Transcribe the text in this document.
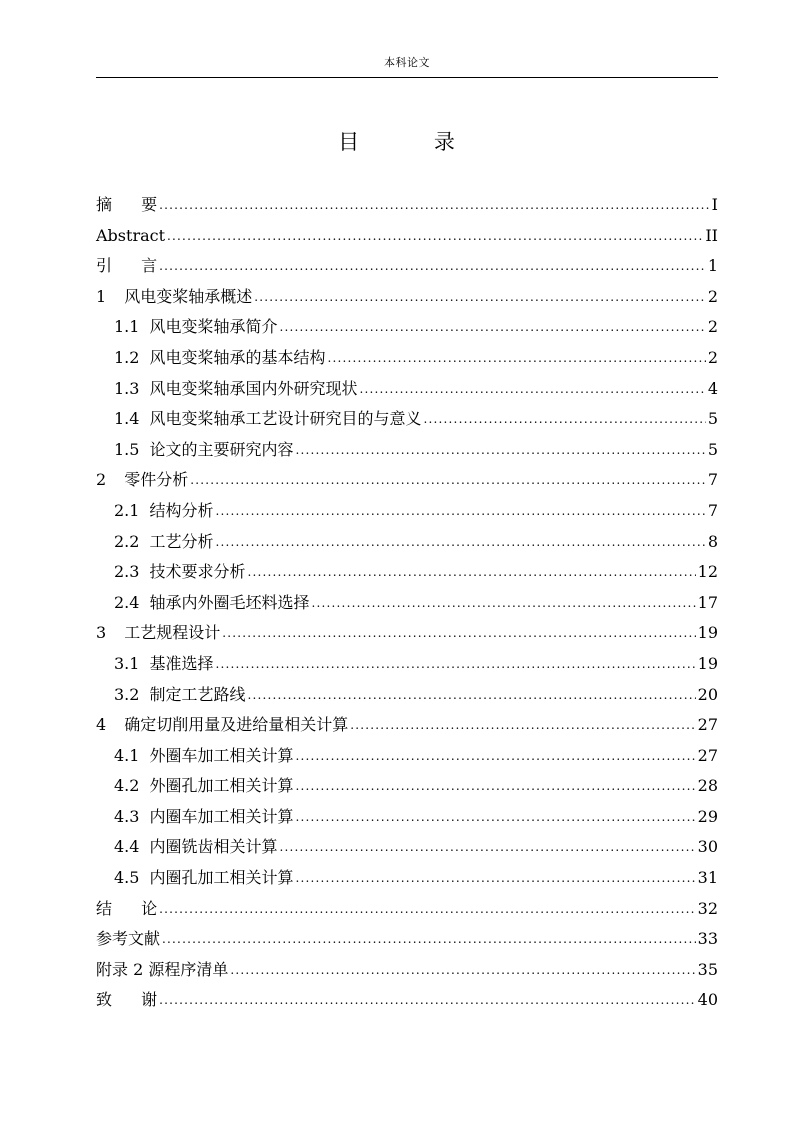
本科论文
目 录
摘 要 .....	I
Abstract .....	II
引 言 .....	1
1 风电变桨轴承概述 .....	2
1.1 风电变桨轴承简介 .....	2
1.2 风电变桨轴承的基本结构 .....	2
1.3 风电变桨轴承国内外研究现状 .....	4
1.4 风电变桨轴承工艺设计研究目的与意义 .....	5
1.5 论文的主要研究内容 .....	5
2 零件分析 .....	7
2.1 结构分析 .....	7
2.2 工艺分析 .....	8
2.3 技术要求分析 .....	12
2.4 轴承内外圈毛坯料选择 .....	17
3 工艺规程设计 .....	19
3.1 基准选择 .....	19
3.2 制定工艺路线 .....	20
4 确定切削用量及进给量相关计算 .....	27
4.1 外圈车加工相关计算 .....	27
4.2 外圈孔加工相关计算 .....	28
4.3 内圈车加工相关计算 .....	29
4.4 内圈铣齿相关计算 .....	30
4.5 内圈孔加工相关计算 .....	31
结 论 .....	32
参考文献 .....	33
附录 2 源程序清单 .....	35
致 谢 .....	40
